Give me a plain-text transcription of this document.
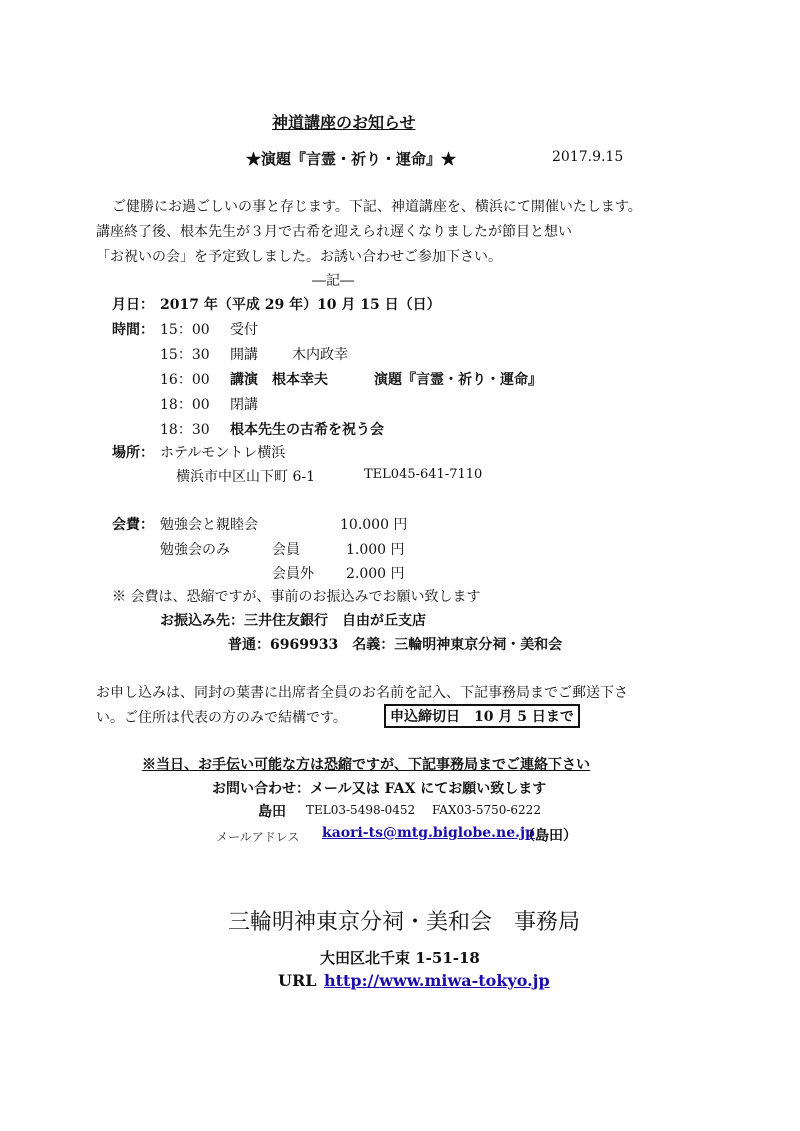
神道講座のお知らせ
★演題『言霊・祈り・運命』★	2017.9.15
ご健勝にお過ごしいの事と存じます。下記、神道講座を、横浜にて開催いたします。
講座終了後、根本先生が３月で古希を迎えられ遅くなりましたが節目と想い
「お祝いの会」を予定致しました。お誘い合わせご参加下さい。
―記―
月日： 2017 年（平成 29 年）10 月 15 日（日）
時間： 15：00 受付
15：30 開講 木内政幸
16：00 講演　根本幸夫	演題『言霊・祈り・運命』
18：00 閉講
18：30 根本先生の古希を祝う会
場所： ホテルモントレ横浜
横浜市中区山下町 6-1	TEL045-641-7110
会費： 勉強会と親睦会	10.000 円
勉強会のみ	会員	1.000 円
会員外 2.000 円
※ 会費は、恐縮ですが、事前のお振込みでお願い致します
お振込み先：三井住友銀行　自由が丘支店
普通：6969933　名義：三輪明神東京分祠・美和会
お申し込みは、同封の葉書に出席者全員のお名前を記入、下記事務局までご郵送下さ
い。ご住所は代表の方のみで結構です。	申込締切日　10 月 5 日まで
※当日、お手伝い可能な方は恐縮ですが、下記事務局までご連絡下さい
お問い合わせ：メール又は FAX にてお願い致します
島田 TEL03-5498-0452 FAX03-5750-6222
メールアドレス kaori-ts@mtg.biglobe.ne.jp
（島田）
三輪明神東京分祠・美和会　事務局
大田区北千束 1-51-18
URL http://www.miwa-tokyo.jp
